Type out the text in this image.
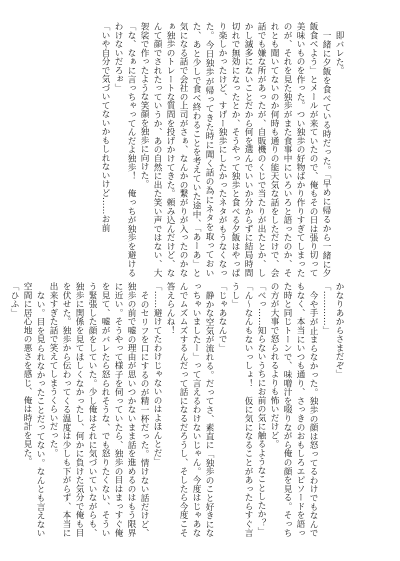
即バレた。

一緒に夕飯を食べている時だった。「早めに帰るから一緒に夕飯食べよう」とメールが来ていたので、俺もその日は張り切って美味いものを作った。つい独歩の好物ばかり作りすぎてしまったのが、それを見た独歩がまた食事中にいろいろと語ったのか、それとも聞いてないのか何時も通りの能天気な話をしただけで、会話でも嫌な所があったが、自販機のくじで当たりが出たとか、しかし滅多にないことだから何を選んでいいか分からずに結局時間切れで無効になったとか、そうやって独歩と食べる夕飯はやっぱり楽しかったけど、すげー独歩にしたかったネタがもうなくなった。今日独歩が帰ってきた時に聞く話の為にネタを取っておいた、あと少しで食べ終わることを考えていた途中、「あーあ」と気になる話で会社の上司がさぁ、なんかの繋がりが入ったのかなぁ独歩のトレートな質問を投げかけてきた。頼み込んだけど、なんて顔でされたっていうか、あの自然に出た笑い声ではない、大袈裟で作ったような笑顔を独歩に向けた。

「な、なぁに言っちゃってんだよ独歩！　俺っちが独歩を避けるわけないだろぉ」

「いや自分で気づいてないかもしれないけど……お前

かなりあからさまだぞ」

「…………」

今や手が止まらなかった。独歩の顔は怒ってるわけでもなんでもなく、本当にいつも通り、さっきのおもしろエピソードを語った時と同じトーンで、味噌汁を啜りながら俺の顔を見る。そっちの方が大事で怒られるよりも怖いだけど。

「べっ……知らないうちにお前の気に触るようなことしたか？」

「ん〜なんもないっしょ！　仮に気になることがあったらすぐ言うし」

「じゃあなんで」

静かな空気が流れる。だってさ、素直に「独歩のこと好きになっちゃいましたー」って言えるわけないじゃん。今度はじゃあなんでムズムズするんだって話になるだろうし、そしたら今度こそ答えらんね！

「……避けてたわけじゃないのはよほんとだ」

そのセリフを口にするのが精一杯だった。情けない話だけど、独歩の前で嘘の理由が思いつかないまま話を進めるのはもう限界に近い。そうやって様子を伺っていたら、独歩の目はまっすぐ俺を見て、嘘がバレたら怒られそうな、でも怒りたくない、そういう緊張した顔をしていた。少し俺はそれに気づいていながらも、独歩に関係を見てほしくなかったし、何かに負けた気分で俺も目を伏せた。独歩から伝わってくる温度は少しも下がらず、本当に出来すぎた話で笑えてしまうくらいだった。

ない。目を見られなかったことだってない。なんとも言えない空間に居心地の悪さを感じ、俺は時計を見た。

「ひふ」
